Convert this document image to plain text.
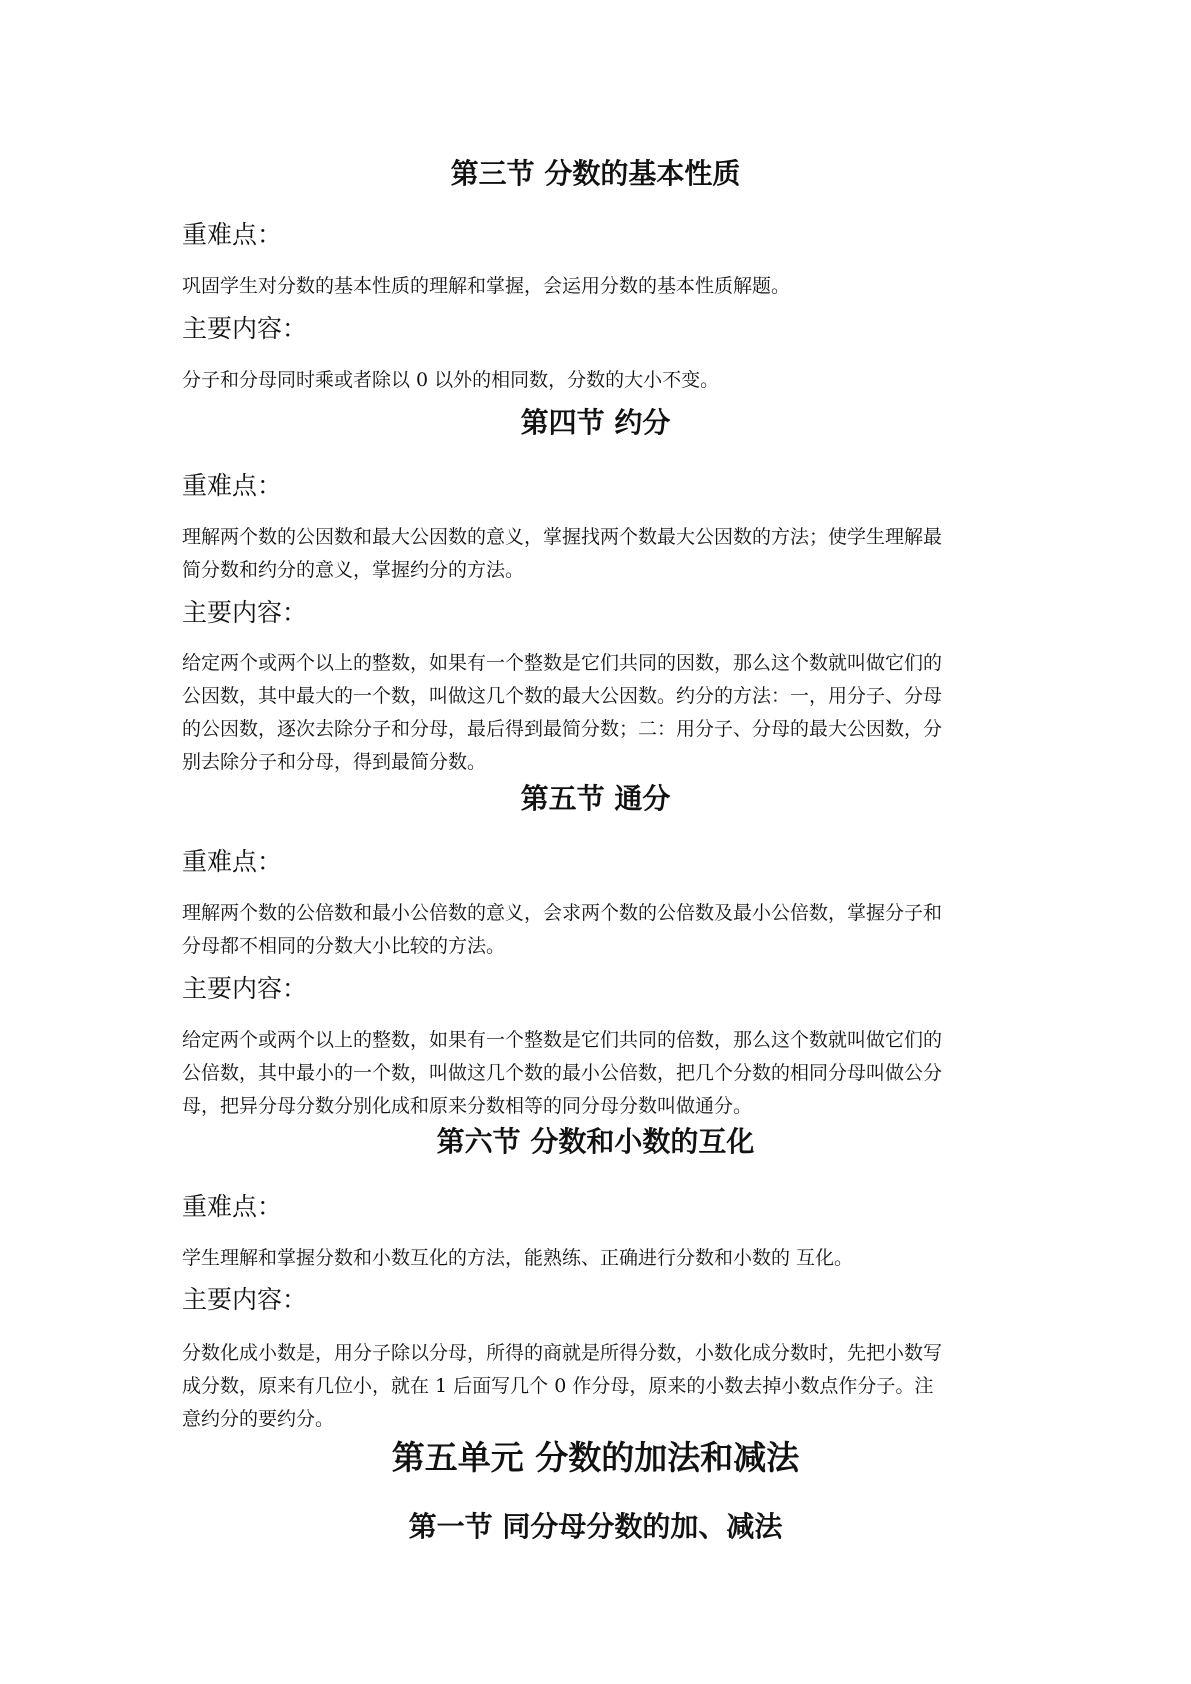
第三节 分数的基本性质
重难点：
巩固学生对分数的基本性质的理解和掌握，会运用分数的基本性质解题。
主要内容：
分子和分母同时乘或者除以 0 以外的相同数，分数的大小不变。
第四节 约分
重难点：
理解两个数的公因数和最大公因数的意义，掌握找两个数最大公因数的方法；使学生理解最
简分数和约分的意义，掌握约分的方法。
主要内容：
给定两个或两个以上的整数，如果有一个整数是它们共同的因数，那么这个数就叫做它们的
公因数，其中最大的一个数，叫做这几个数的最大公因数。约分的方法：一，用分子、分母
的公因数，逐次去除分子和分母，最后得到最简分数；二：用分子、分母的最大公因数，分
别去除分子和分母，得到最简分数。
第五节 通分
重难点：
理解两个数的公倍数和最小公倍数的意义，会求两个数的公倍数及最小公倍数，掌握分子和
分母都不相同的分数大小比较的方法。
主要内容：
给定两个或两个以上的整数，如果有一个整数是它们共同的倍数，那么这个数就叫做它们的
公倍数，其中最小的一个数，叫做这几个数的最小公倍数，把几个分数的相同分母叫做公分
母，把异分母分数分别化成和原来分数相等的同分母分数叫做通分。
第六节 分数和小数的互化
重难点：
学生理解和掌握分数和小数互化的方法，能熟练、正确进行分数和小数的 互化。
主要内容：
分数化成小数是，用分子除以分母，所得的商就是所得分数，小数化成分数时，先把小数写
成分数，原来有几位小，就在 1 后面写几个 0 作分母，原来的小数去掉小数点作分子。注
意约分的要约分。
第五单元 分数的加法和减法
第一节 同分母分数的加、减法
